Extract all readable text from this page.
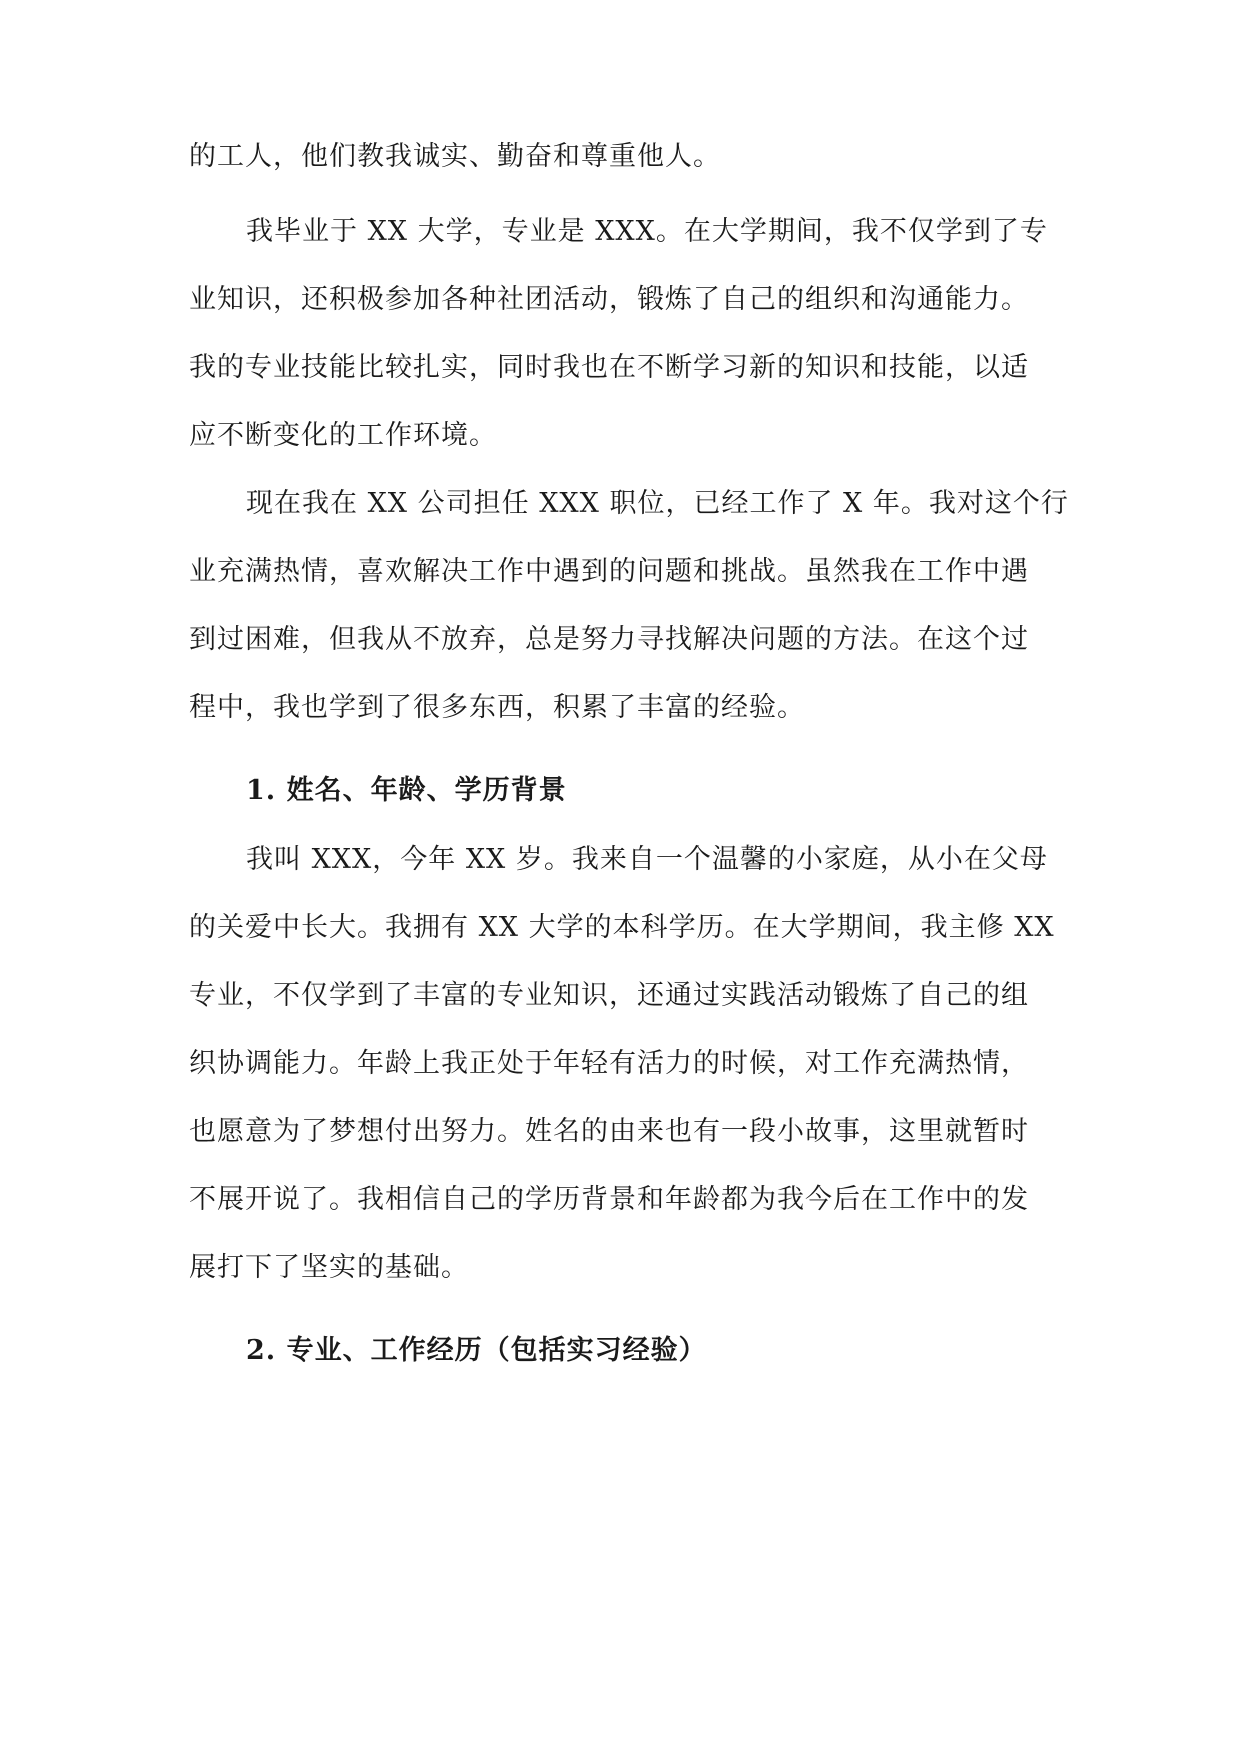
的工人，他们教我诚实、勤奋和尊重他人。
我毕业于 XX 大学，专业是 XXX。在大学期间，我不仅学到了专
业知识，还积极参加各种社团活动，锻炼了自己的组织和沟通能力。
我的专业技能比较扎实，同时我也在不断学习新的知识和技能，以适
应不断变化的工作环境。
现在我在 XX 公司担任 XXX 职位，已经工作了 X 年。我对这个行
业充满热情，喜欢解决工作中遇到的问题和挑战。虽然我在工作中遇
到过困难，但我从不放弃，总是努力寻找解决问题的方法。在这个过
程中，我也学到了很多东西，积累了丰富的经验。
1. 姓名、年龄、学历背景
我叫 XXX，今年 XX 岁。我来自一个温馨的小家庭，从小在父母
的关爱中长大。我拥有 XX 大学的本科学历。在大学期间，我主修 XX
专业，不仅学到了丰富的专业知识，还通过实践活动锻炼了自己的组
织协调能力。年龄上我正处于年轻有活力的时候，对工作充满热情，
也愿意为了梦想付出努力。姓名的由来也有一段小故事，这里就暂时
不展开说了。我相信自己的学历背景和年龄都为我今后在工作中的发
展打下了坚实的基础。
2. 专业、工作经历（包括实习经验）
